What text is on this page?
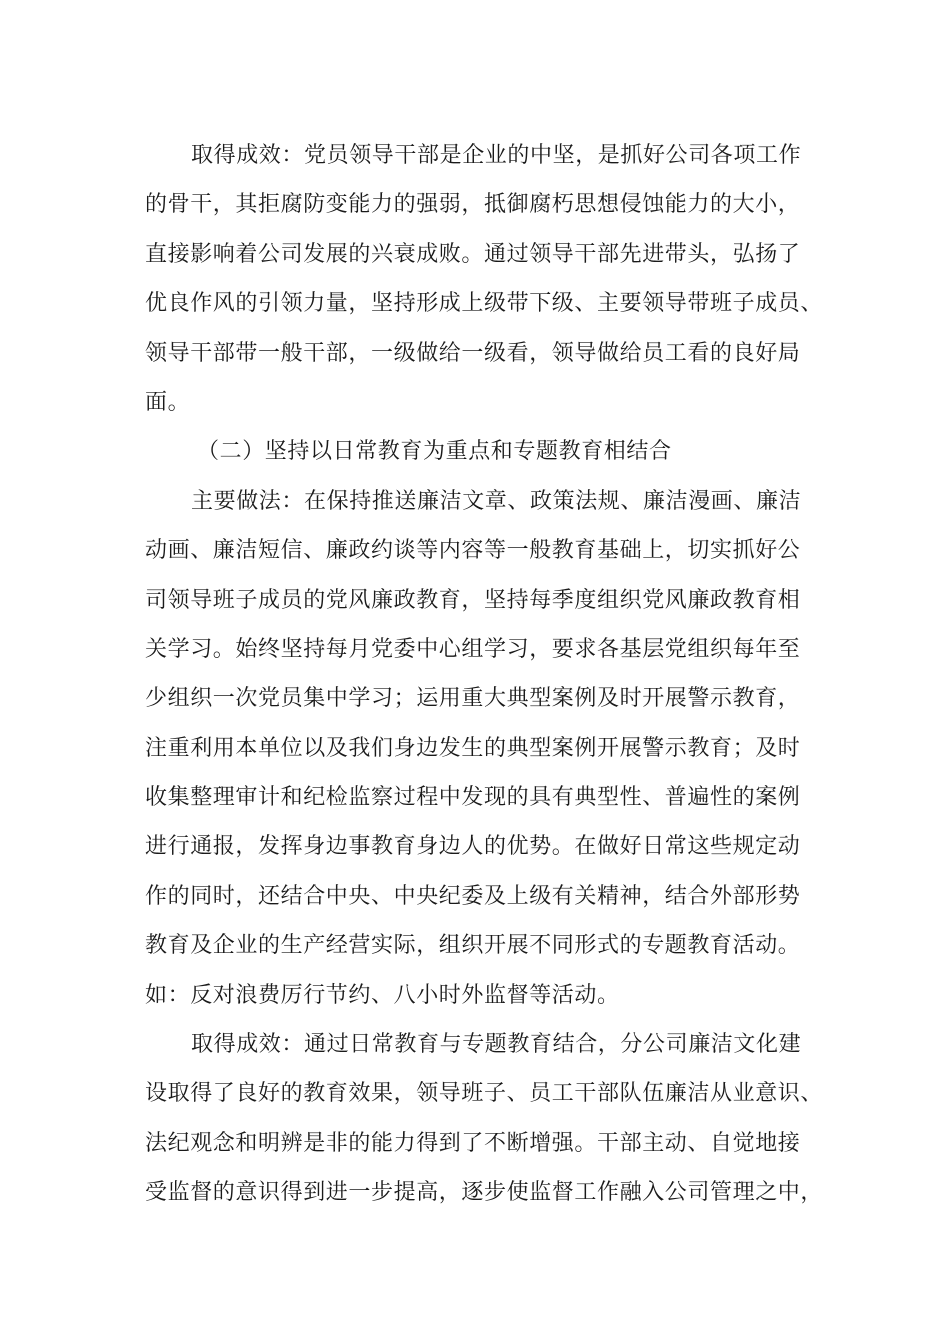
取得成效：党员领导干部是企业的中坚，是抓好公司各项工作
的骨干，其拒腐防变能力的强弱，抵御腐朽思想侵蚀能力的大小，
直接影响着公司发展的兴衰成败。通过领导干部先进带头，弘扬了
优良作风的引领力量，坚持形成上级带下级、主要领导带班子成员、
领导干部带一般干部，一级做给一级看，领导做给员工看的良好局
面。
（二）坚持以日常教育为重点和专题教育相结合
主要做法：在保持推送廉洁文章、政策法规、廉洁漫画、廉洁
动画、廉洁短信、廉政约谈等内容等一般教育基础上，切实抓好公
司领导班子成员的党风廉政教育，坚持每季度组织党风廉政教育相
关学习。始终坚持每月党委中心组学习，要求各基层党组织每年至
少组织一次党员集中学习；运用重大典型案例及时开展警示教育，
注重利用本单位以及我们身边发生的典型案例开展警示教育；及时
收集整理审计和纪检监察过程中发现的具有典型性、普遍性的案例
进行通报，发挥身边事教育身边人的优势。在做好日常这些规定动
作的同时，还结合中央、中央纪委及上级有关精神，结合外部形势
教育及企业的生产经营实际，组织开展不同形式的专题教育活动。
如：反对浪费厉行节约、八小时外监督等活动。
取得成效：通过日常教育与专题教育结合，分公司廉洁文化建
设取得了良好的教育效果，领导班子、员工干部队伍廉洁从业意识、
法纪观念和明辨是非的能力得到了不断增强。干部主动、自觉地接
受监督的意识得到进一步提高，逐步使监督工作融入公司管理之中，
